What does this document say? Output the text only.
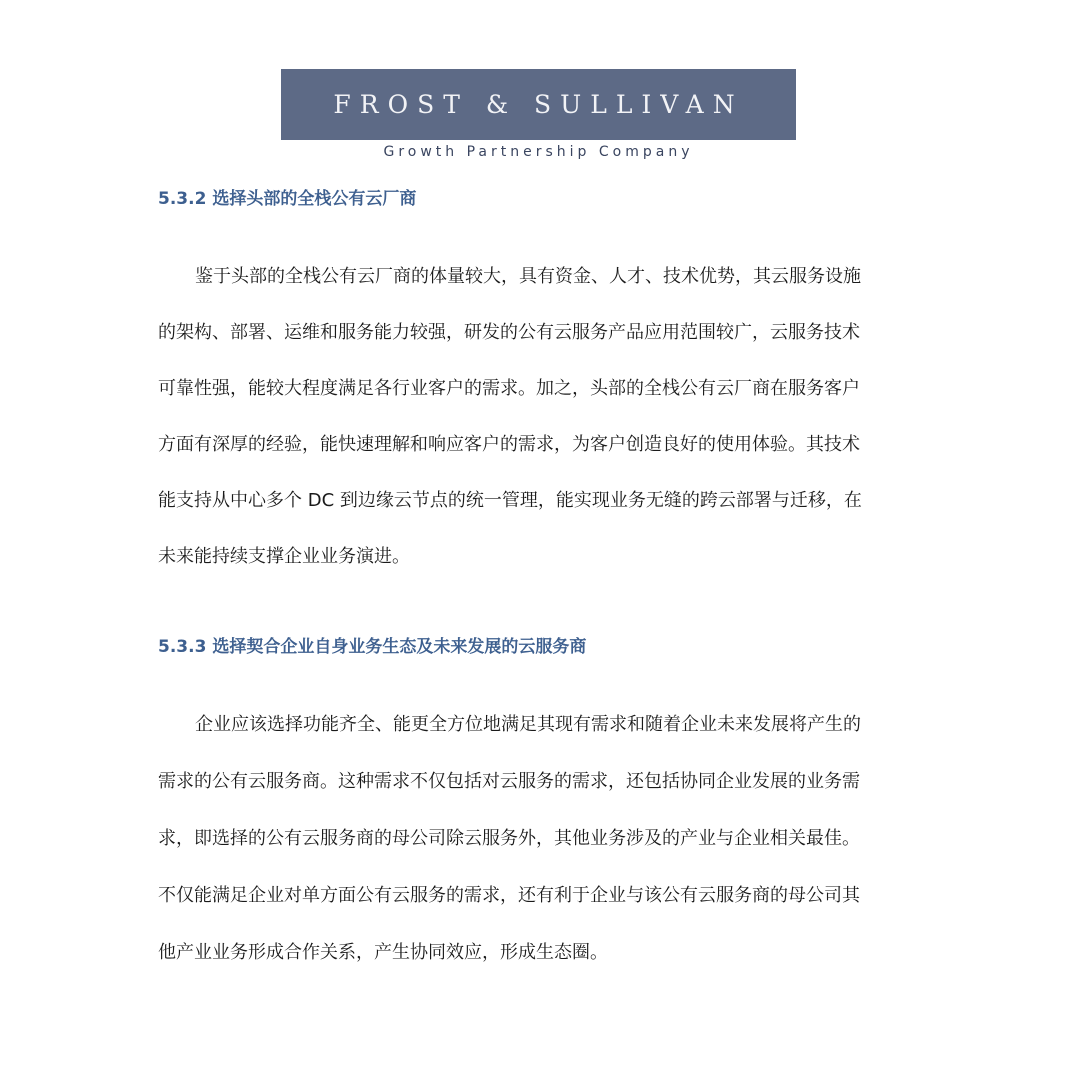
FROST & SULLIVAN
Growth Partnership Company
5.3.2 选择头部的全栈公有云厂商
鉴于头部的全栈公有云厂商的体量较大，具有资金、人才、技术优势，其云服务设施
的架构、部署、运维和服务能力较强，研发的公有云服务产品应用范围较广，云服务技术
可靠性强，能较大程度满足各行业客户的需求。加之，头部的全栈公有云厂商在服务客户
方面有深厚的经验，能快速理解和响应客户的需求，为客户创造良好的使用体验。其技术
能支持从中心多个 DC 到边缘云节点的统一管理，能实现业务无缝的跨云部署与迁移，在
未来能持续支撑企业业务演进。
5.3.3 选择契合企业自身业务生态及未来发展的云服务商
企业应该选择功能齐全、能更全方位地满足其现有需求和随着企业未来发展将产生的
需求的公有云服务商。这种需求不仅包括对云服务的需求，还包括协同企业发展的业务需
求，即选择的公有云服务商的母公司除云服务外，其他业务涉及的产业与企业相关最佳。
不仅能满足企业对单方面公有云服务的需求，还有利于企业与该公有云服务商的母公司其
他产业业务形成合作关系，产生协同效应，形成生态圈。
